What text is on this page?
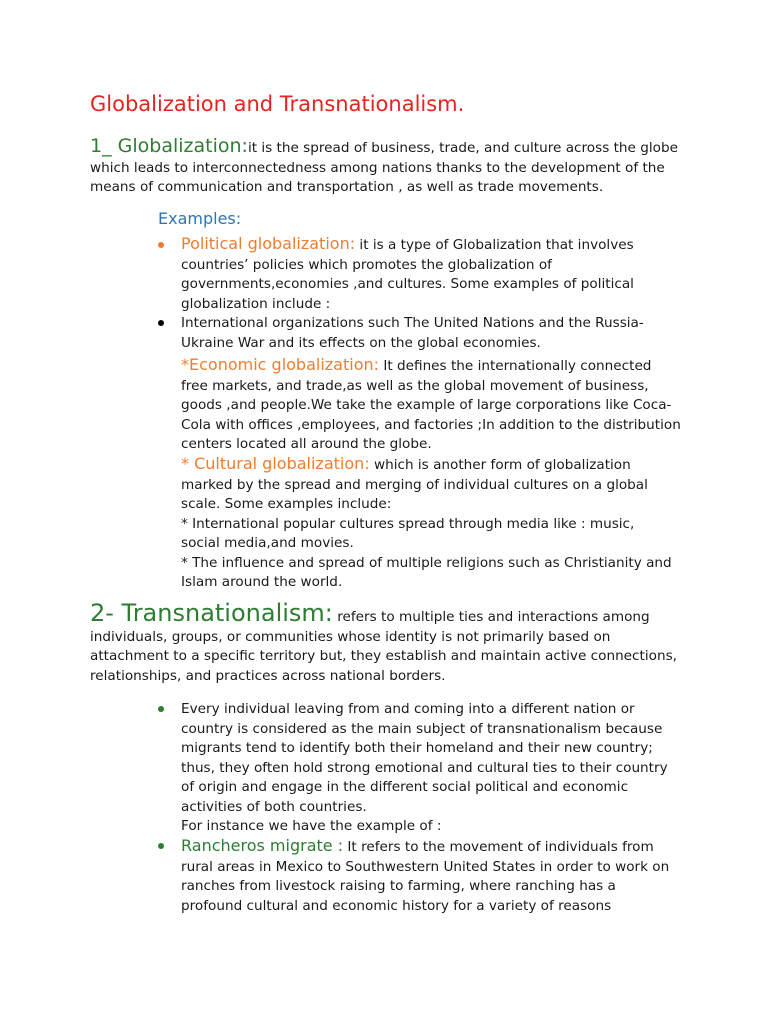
Globalization and Transnationalism.
1_ Globalization:it is the spread of business, trade, and culture across the globe which leads to interconnectedness among nations thanks to the development of the means of communication and transportation , as well as trade movements.
Examples:
Political globalization: it is a type of Globalization that involves countries’ policies which promotes the globalization of governments,economies ,and cultures. Some examples of political globalization include :
International organizations such The United Nations and the Russia-Ukraine War and its effects on the global economies.
*Economic globalization: It defines the internationally connected free markets, and trade,as well as the global movement of business, goods ,and people.We take the example of large corporations like Coca-Cola with offices ,employees, and factories ;In addition to the distribution centers located all around the globe.
* Cultural globalization: which is another form of globalization marked by the spread and merging of individual cultures on a global scale. Some examples include:
* International popular cultures spread through media like : music, social media,and movies.
* The influence and spread of multiple religions such as Christianity and Islam around the world.
2- Transnationalism: refers to multiple ties and interactions among individuals, groups, or communities whose identity is not primarily based on attachment to a specific territory but, they establish and maintain active connections, relationships, and practices across national borders.
Every individual leaving from and coming into a different nation or country is considered as the main subject of transnationalism because migrants tend to identify both their homeland and their new country; thus, they often hold strong emotional and cultural ties to their country of origin and engage in the different social political and economic activities of both countries.
For instance we have the example of :
Rancheros migrate : It refers to the movement of individuals from rural areas in Mexico to Southwestern United States in order to work on ranches from livestock raising to farming, where ranching has a profound cultural and economic history for a variety of reasons
